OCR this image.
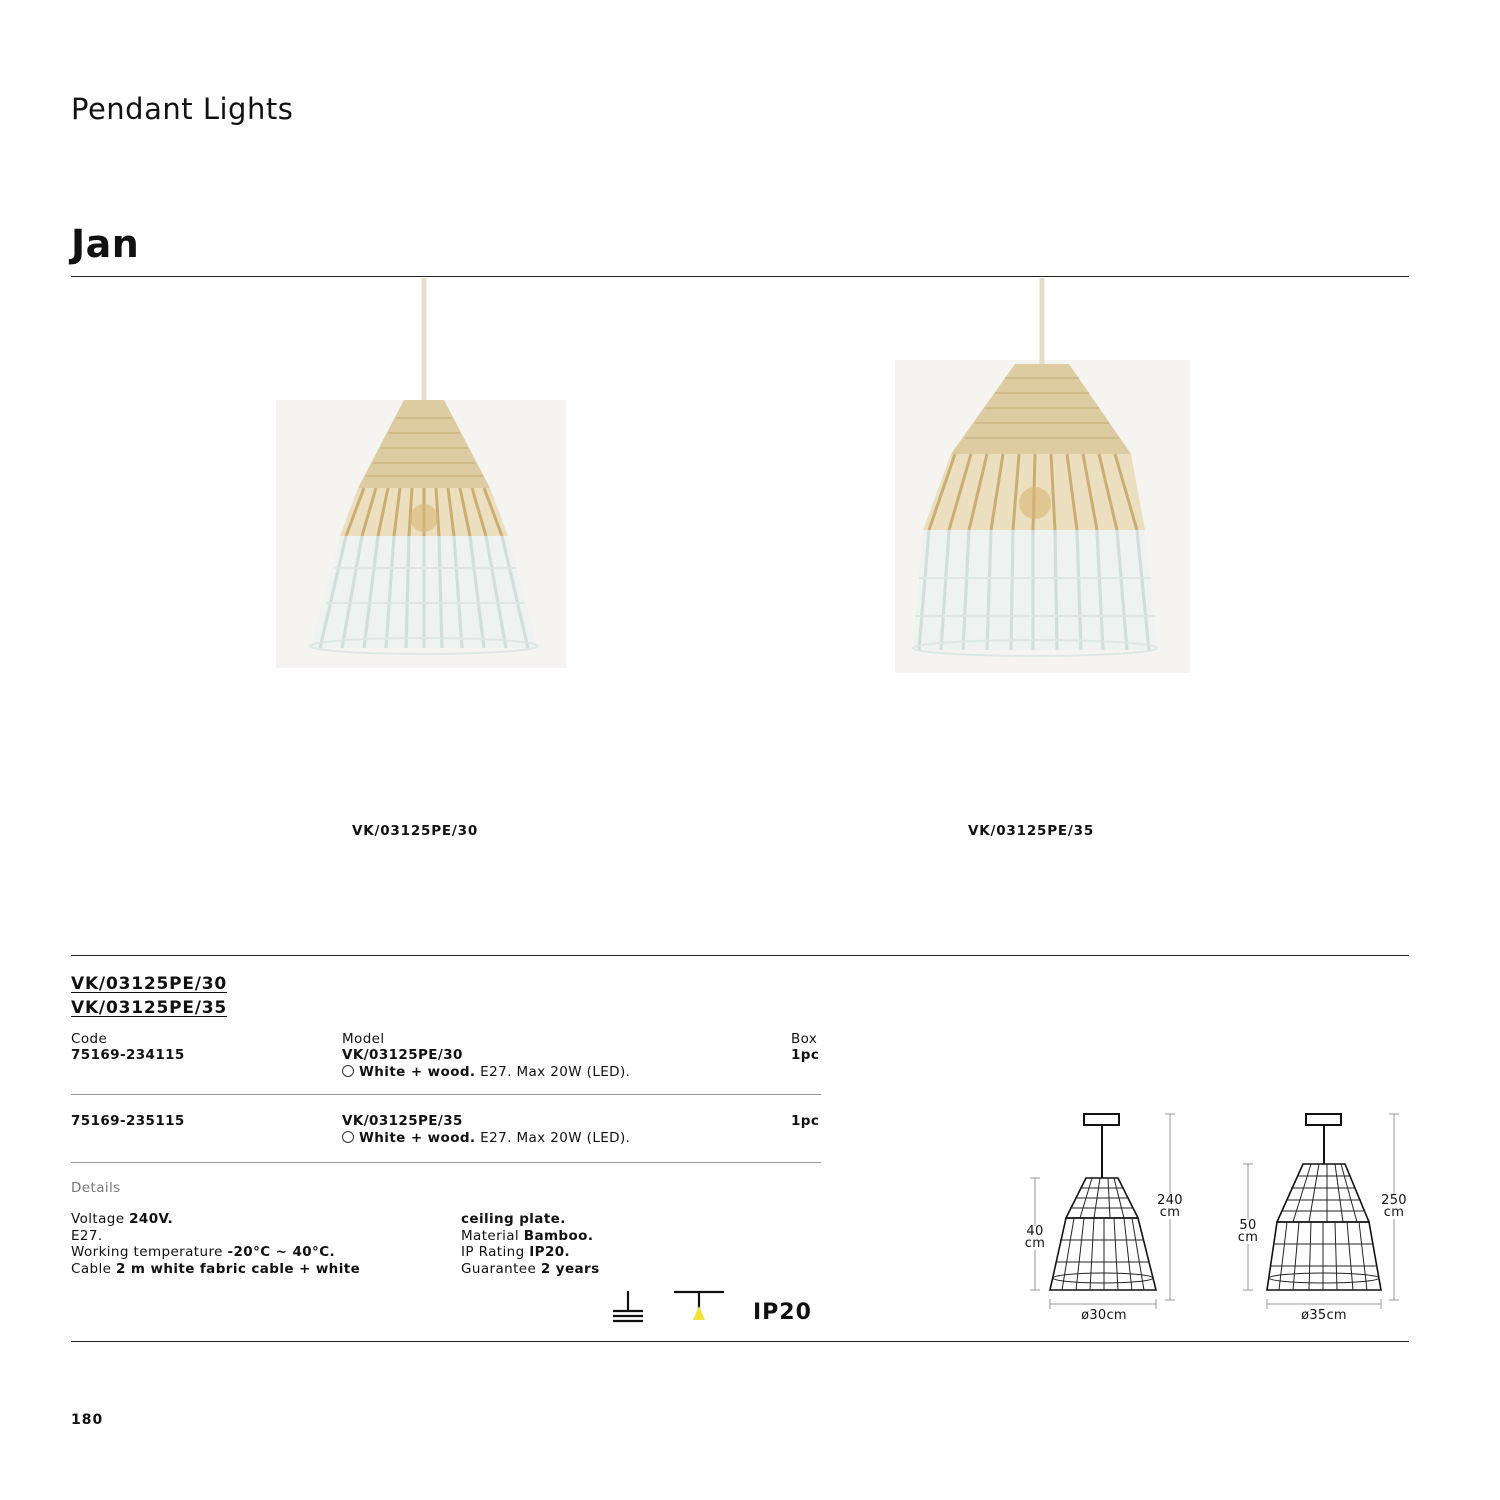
Pendant Lights
Jan
VK/03125PE/30	VK/03125PE/35
VK/03125PE/30
VK/03125PE/35
Code	Model	Box
75169-234115	VK/03125PE/30	1pc
White + wood. E27. Max 20W (LED).
75169-235115	VK/03125PE/35	1pc
White + wood. E27. Max 20W (LED).
Details
Voltage 240V.
E27.
Working temperature -20°C ~ 40°C.
Cable 2 m white fabric cable + white
ceiling plate.
Material Bamboo.
IP Rating IP20.
Guarantee 2 years
IP20
40
cm
240
cm
ø30cm
50
cm
250
cm
ø35cm
180
